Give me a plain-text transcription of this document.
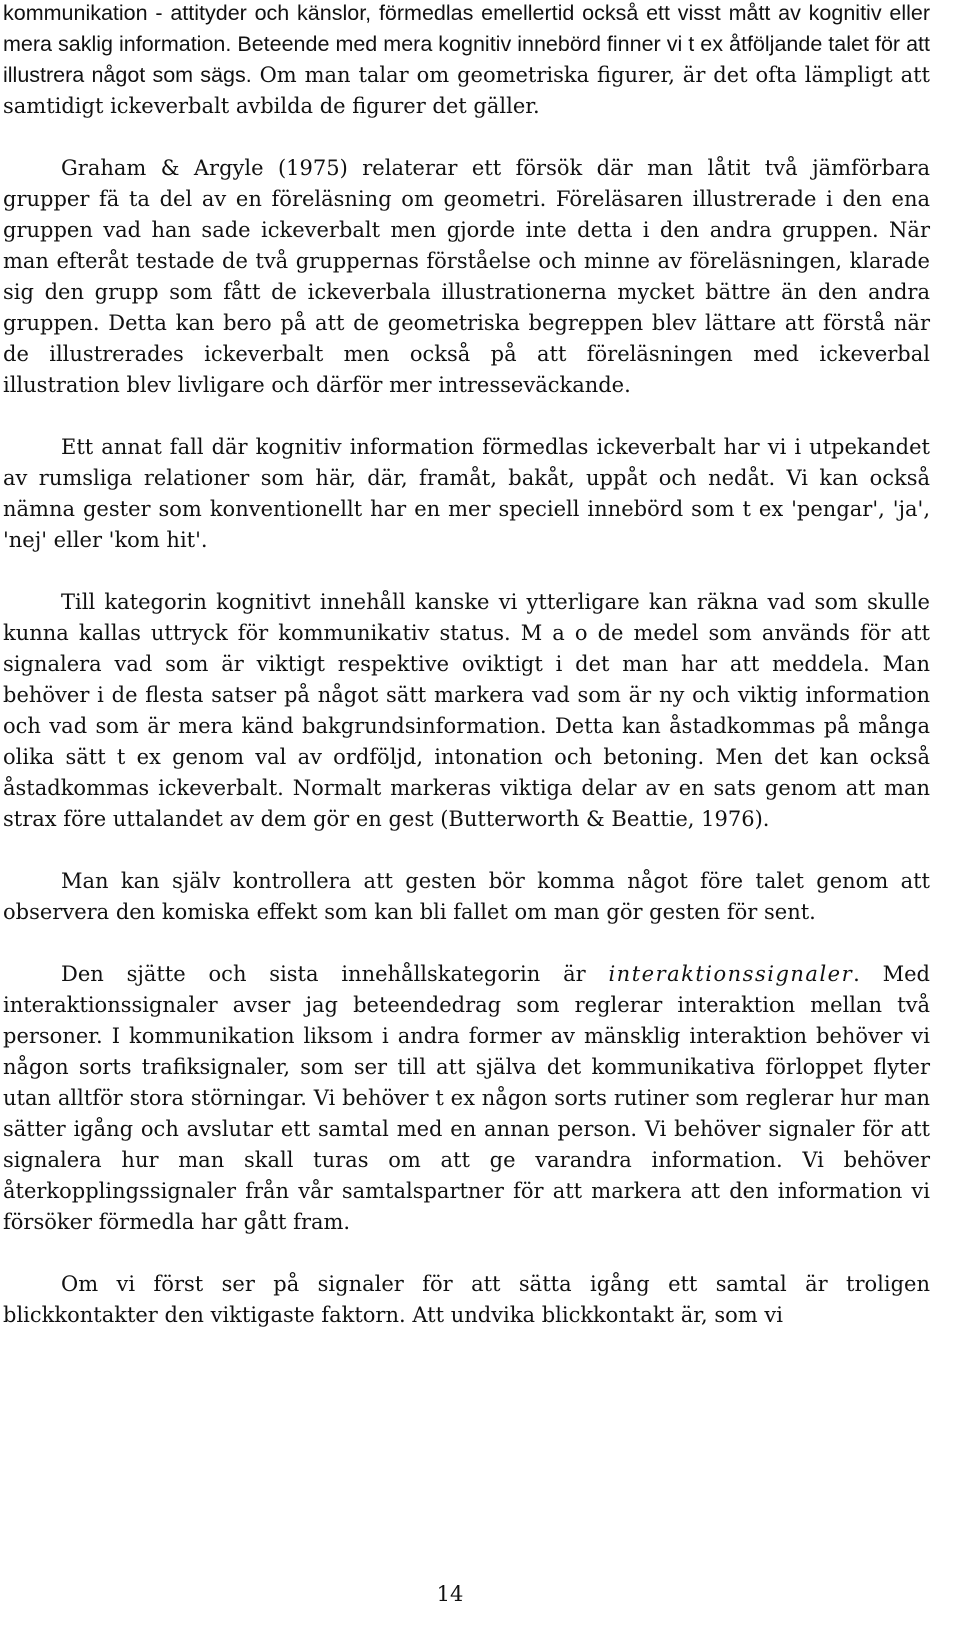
kommunikation - attityder och känslor, förmedlas emellertid också ett visst mått av kognitiv eller mera saklig information. Beteende med mera kognitiv innebörd finner vi t ex åtföljande talet för att illustrera något som sägs. Om man talar om geometriska figurer, är det ofta lämpligt att samtidigt ickeverbalt avbilda de figurer det gäller.

Graham & Argyle (1975) relaterar ett försök där man låtit två jämförbara grupper fä ta del av en föreläsning om geometri. Föreläsaren illustrerade i den ena gruppen vad han sade ickeverbalt men gjorde inte detta i den andra gruppen. När man efteråt testade de två gruppernas förståelse och minne av föreläsningen, klarade sig den grupp som fått de ickeverbala illustrationerna mycket bättre än den andra gruppen. Detta kan bero på att de geometriska begreppen blev lättare att förstå när de illustrerades ickeverbalt men också på att föreläsningen med ickeverbal illustration blev livligare och därför mer intresseväckande.

Ett annat fall där kognitiv information förmedlas ickeverbalt har vi i utpekandet av rumsliga relationer som här, där, framåt, bakåt, uppåt och nedåt. Vi kan också nämna gester som konventionellt har en mer speciell innebörd som t ex 'pengar', 'ja', 'nej' eller 'kom hit'.

Till kategorin kognitivt innehåll kanske vi ytterligare kan räkna vad som skulle kunna kallas uttryck för kommunikativ status. M a o de medel som används för att signalera vad som är viktigt respektive oviktigt i det man har att meddela. Man behöver i de flesta satser på något sätt markera vad som är ny och viktig information och vad som är mera känd bakgrundsinformation. Detta kan åstadkommas på många olika sätt t ex genom val av ordföljd, intonation och betoning. Men det kan också åstadkommas ickeverbalt. Normalt markeras viktiga delar av en sats genom att man strax före uttalandet av dem gör en gest (Butterworth & Beattie, 1976).

Man kan själv kontrollera att gesten bör komma något före talet genom att observera den komiska effekt som kan bli fallet om man gör gesten för sent.

Den sjätte och sista innehållskategorin är interaktionssignaler. Med interaktionssignaler avser jag beteendedrag som reglerar interaktion mellan två personer. I kommunikation liksom i andra former av mänsklig interaktion behöver vi någon sorts trafiksignaler, som ser till att själva det kommunikativa förloppet flyter utan alltför stora störningar. Vi behöver t ex någon sorts rutiner som reglerar hur man sätter igång och avslutar ett samtal med en annan person. Vi behöver signaler för att signalera hur man skall turas om att ge varandra information. Vi behöver återkopplingssignaler från vår samtalspartner för att markera att den information vi försöker förmedla har gått fram.

Om vi först ser på signaler för att sätta igång ett samtal är troligen blickkontakter den viktigaste faktorn. Att undvika blickkontakt är, som vi

14
